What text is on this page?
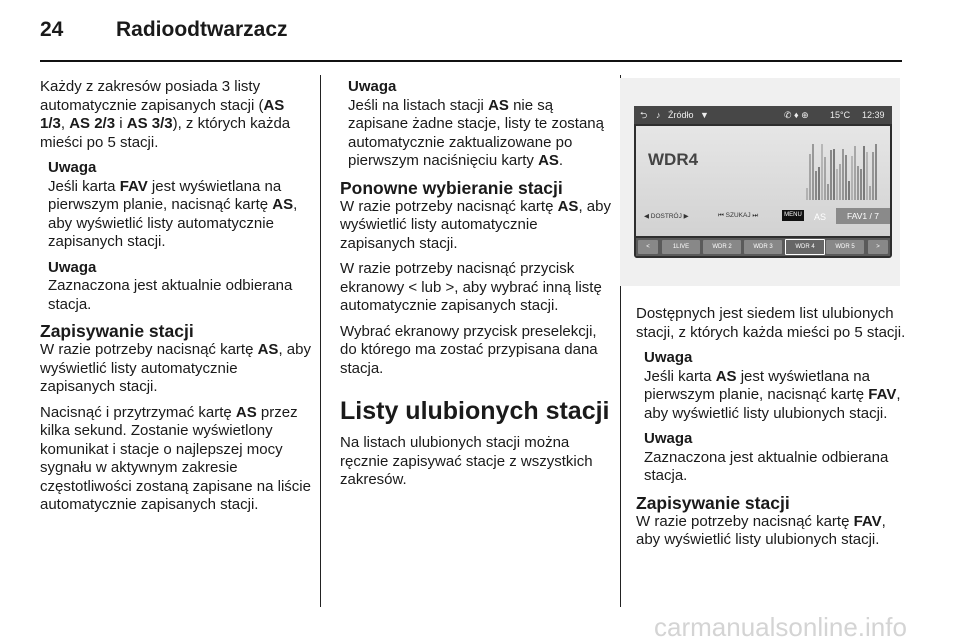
24	Radioodtwarzacz

Każdy z zakresów posiada 3 listy automatycznie zapisanych stacji (AS 1/3, AS 2/3 i AS 3/3), z których każda mieści po 5 stacji.

Uwaga
Jeśli karta FAV jest wyświetlana na pierwszym planie, nacisnąć kartę AS, aby wyświetlić listy automatycznie zapisanych stacji.
Uwaga
Zaznaczona jest aktualnie odbierana stacja.
Zapisywanie stacji

W razie potrzeby nacisnąć kartę AS, aby wyświetlić listy automatycznie zapisanych stacji.

Nacisnąć i przytrzymać kartę AS przez kilka sekund. Zostanie wyświetlony komunikat i stacje o najlepszej mocy sygnału w aktywnym zakresie częstotliwości zostaną zapisane na liście automatycznie zapisanych stacji.

Uwaga
Jeśli na listach stacji AS nie są zapisane żadne stacje, listy te zostaną automatycznie zaktualizowane po pierwszym naciśnięciu karty AS.
Ponowne wybieranie stacji

W razie potrzeby nacisnąć kartę AS, aby wyświetlić listy automatycznie zapisanych stacji.

W razie potrzeby nacisnąć przycisk ekranowy < lub >, aby wybrać inną listę automatycznie zapisanych stacji.

Wybrać ekranowy przycisk preselekcji, do którego ma zostać przypisana dana stacja.

Listy ulubionych stacji

Na listach ulubionych stacji można ręcznie zapisywać stacje z wszystkich zakresów.

⮌ ♪ Źródło ▼	✆ ♦ ⊕ 15°C 12:39
WDR4
◀ DOSTRÓJ ▶	⏮ SZUKAJ ⏭	MENU AS	FAV1 / 7
<	>
1LIVE	WDR 2	WDR 3	WDR 4	WDR 5

Dostępnych jest siedem list ulubionych stacji, z których każda mieści po 5 stacji.

Uwaga
Jeśli karta AS jest wyświetlana na pierwszym planie, nacisnąć kartę FAV, aby wyświetlić listy ulubionych stacji.
Uwaga
Zaznaczona jest aktualnie odbierana stacja.
Zapisywanie stacji

W razie potrzeby nacisnąć kartę FAV, aby wyświetlić listy ulubionych stacji.

carmanualsonline.info
